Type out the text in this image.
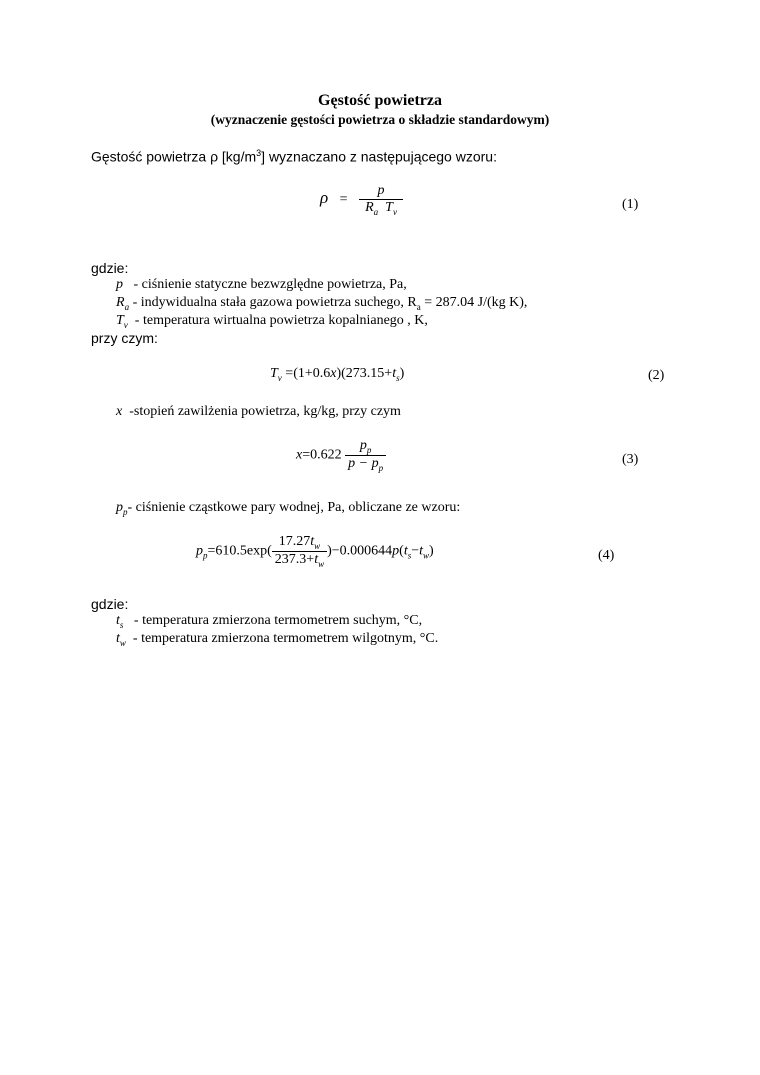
Gęstość powietrza
(wyznaczenie gęstości powietrza o składzie standardowym)
Gęstość powietrza ρ $[kg/m^3]$ wyznaczano z następującego wzoru:
$\rho = \frac{p}{R_a T_v}$	(1)
gdzie:
p - ciśnienie statyczne bezwzględne powietrza, Pa,
$R_a$ - indywidualna stała gazowa powietrza suchego, $R_a = 287.04$ J/(kg K),
$T_v$ - temperatura wirtualna powietrza kopalnianego , K,
przy czym:
$T_v =(1+0.6x)(273.15+t_s)$	(2)
x -stopień zawilżenia powietrza, kg/kg, przy czym
$x=0.622 \frac{p_p}{p - p_p}$	(3)
$p_p-$ ciśnienie cząstkowe pary wodnej, Pa, obliczane ze wzoru:
$p_p=610.5\exp( \frac{17.27t_w}{237.3+t_w} )-0.000644p(t_s-t_w)$	(4)
gdzie:
$t_s$ - temperatura zmierzona termometrem suchym, °C,
$t_w$ - temperatura zmierzona termometrem wilgotnym, °C.
